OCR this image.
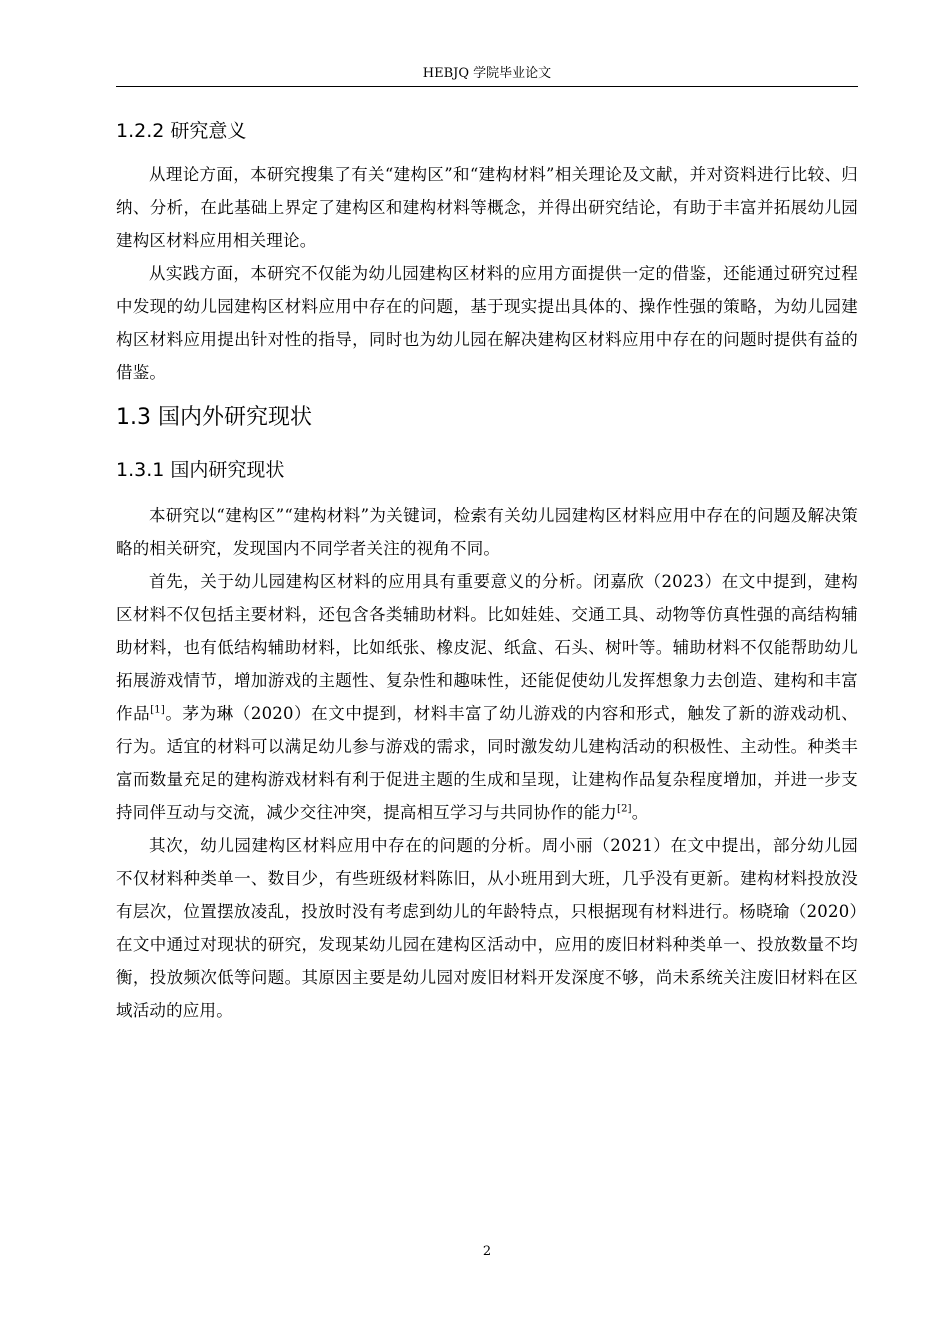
HEBJQ 学院毕业论文
1.2.2 研究意义

从理论方面，本研究搜集了有关“建构区”和“建构材料”相关理论及文献，并对资料进行比较、归纳、分析，在此基础上界定了建构区和建构材料等概念，并得出研究结论，有助于丰富并拓展幼儿园建构区材料应用相关理论。

从实践方面，本研究不仅能为幼儿园建构区材料的应用方面提供一定的借鉴，还能通过研究过程中发现的幼儿园建构区材料应用中存在的问题，基于现实提出具体的、操作性强的策略，为幼儿园建构区材料应用提出针对性的指导，同时也为幼儿园在解决建构区材料应用中存在的问题时提供有益的借鉴。

1.3 国内外研究现状
1.3.1 国内研究现状

本研究以“建构区”“建构材料”为关键词，检索有关幼儿园建构区材料应用中存在的问题及解决策略的相关研究，发现国内不同学者关注的视角不同。

首先，关于幼儿园建构区材料的应用具有重要意义的分析。闭嘉欣（2023）在文中提到，建构区材料不仅包括主要材料，还包含各类辅助材料。比如娃娃、交通工具、动物等仿真性强的高结构辅助材料，也有低结构辅助材料，比如纸张、橡皮泥、纸盒、石头、树叶等。辅助材料不仅能帮助幼儿拓展游戏情节，增加游戏的主题性、复杂性和趣味性，还能促使幼儿发挥想象力去创造、建构和丰富作品[1]。茅为琳（2020）在文中提到，材料丰富了幼儿游戏的内容和形式，触发了新的游戏动机、行为。适宜的材料可以满足幼儿参与游戏的需求，同时激发幼儿建构活动的积极性、主动性。种类丰富而数量充足的建构游戏材料有利于促进主题的生成和呈现，让建构作品复杂程度增加，并进一步支持同伴互动与交流，减少交往冲突，提高相互学习与共同协作的能力[2]。

其次，幼儿园建构区材料应用中存在的问题的分析。周小丽（2021）在文中提出，部分幼儿园不仅材料种类单一、数目少，有些班级材料陈旧，从小班用到大班，几乎没有更新。建构材料投放没有层次，位置摆放凌乱，投放时没有考虑到幼儿的年龄特点，只根据现有材料进行。杨晓瑜（2020）在文中通过对现状的研究，发现某幼儿园在建构区活动中，应用的废旧材料种类单一、投放数量不均衡，投放频次低等问题。其原因主要是幼儿园对废旧材料开发深度不够，尚未系统关注废旧材料在区域活动的应用。

2
